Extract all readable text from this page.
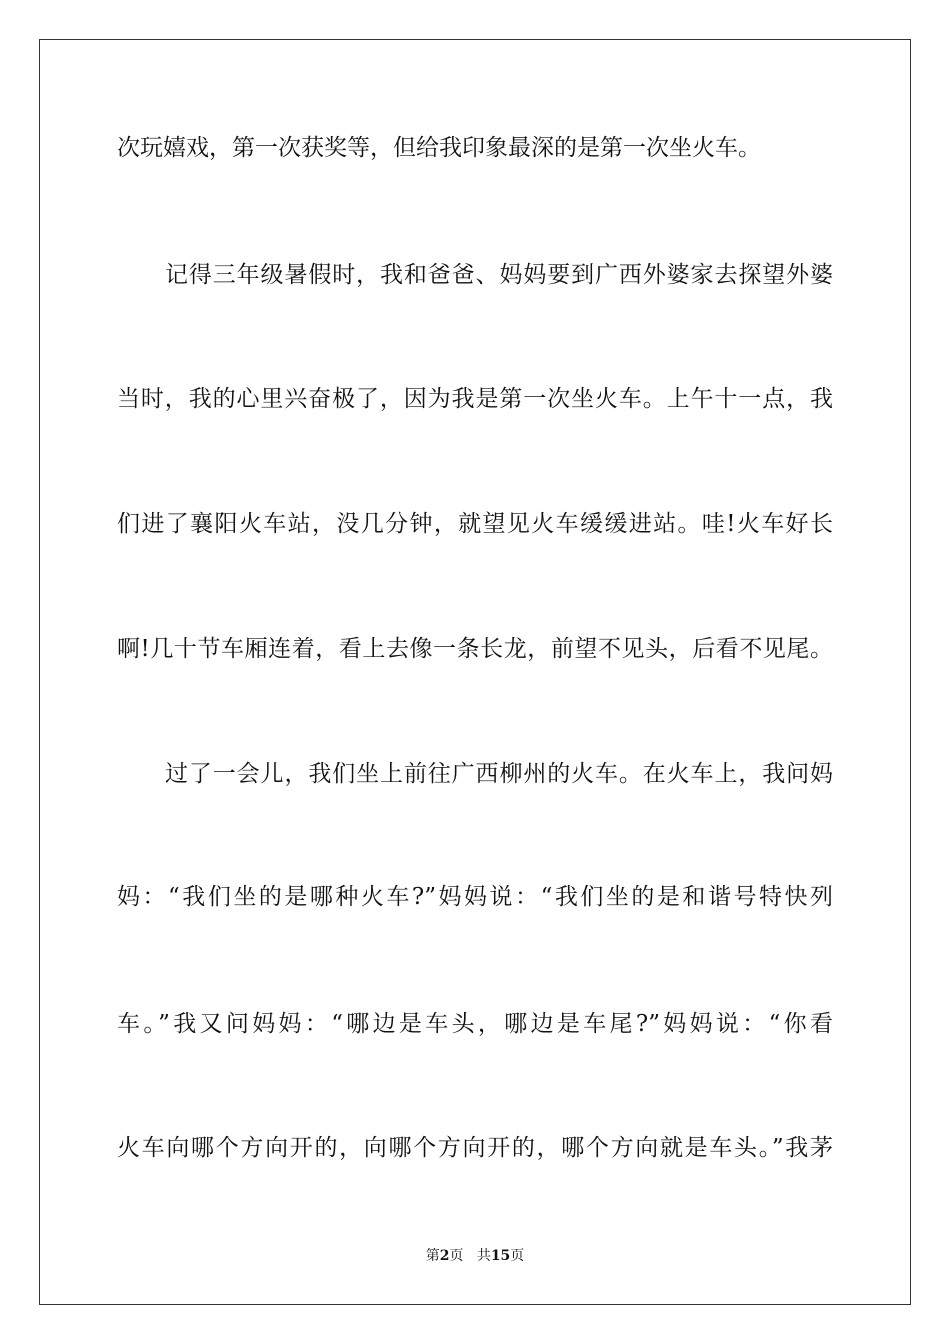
次玩嬉戏，第一次获奖等，但给我印象最深的是第一次坐火车。
记得三年级暑假时，我和爸爸、妈妈要到广西外婆家去探望外婆
当时，我的心里兴奋极了，因为我是第一次坐火车。上午十一点，我
们进了襄阳火车站，没几分钟，就望见火车缓缓进站。哇!火车好长
啊!几十节车厢连着，看上去像一条长龙，前望不见头，后看不见尾。
过了一会儿，我们坐上前往广西柳州的火车。在火车上，我问妈
妈：“我们坐的是哪种火车?”妈妈说：“我们坐的是和谐号特快列
车。”我又问妈妈：“哪边是车头，哪边是车尾?”妈妈说：“你看
火车向哪个方向开的，向哪个方向开的，哪个方向就是车头。”我茅
第2页 共15页
